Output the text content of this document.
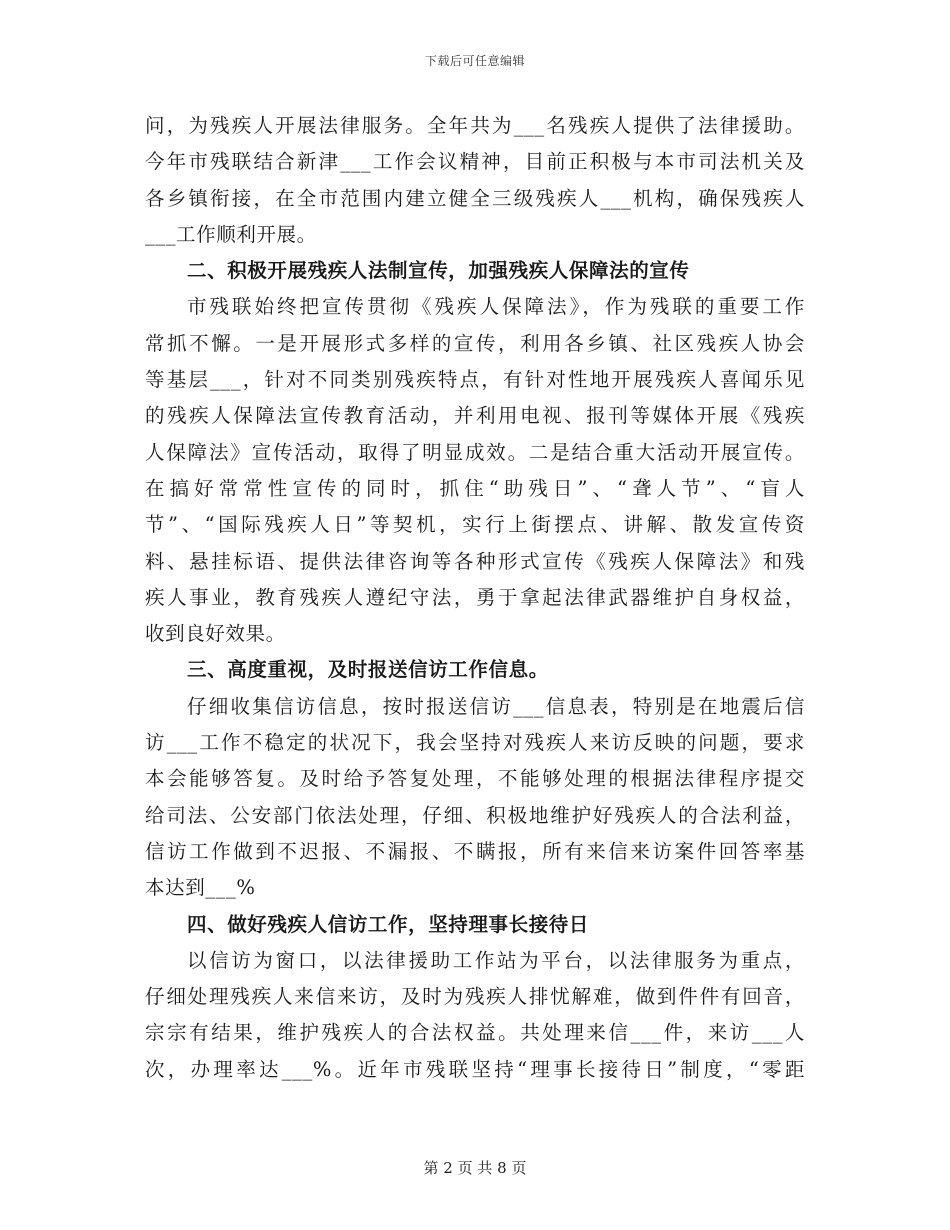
下载后可任意编辑
问，为残疾人开展法律服务。全年共为___名残疾人提供了法律援助。
今年市残联结合新津___工作会议精神，目前正积极与本市司法机关及
各乡镇衔接，在全市范围内建立健全三级残疾人___机构，确保残疾人
___工作顺利开展。
二、积极开展残疾人法制宣传，加强残疾人保障法的宣传
市残联始终把宣传贯彻《残疾人保障法》，作为残联的重要工作
常抓不懈。一是开展形式多样的宣传，利用各乡镇、社区残疾人协会
等基层___，针对不同类别残疾特点，有针对性地开展残疾人喜闻乐见
的残疾人保障法宣传教育活动，并利用电视、报刊等媒体开展《残疾
人保障法》宣传活动，取得了明显成效。二是结合重大活动开展宣传。
在搞好常常性宣传的同时，抓住“助残日”、“聋人节”、“盲人
节”、“国际残疾人日”等契机，实行上街摆点、讲解、散发宣传资
料、悬挂标语、提供法律咨询等各种形式宣传《残疾人保障法》和残
疾人事业，教育残疾人遵纪守法，勇于拿起法律武器维护自身权益，
收到良好效果。
三、高度重视，及时报送信访工作信息。
仔细收集信访信息，按时报送信访___信息表，特别是在地震后信
访___工作不稳定的状况下，我会坚持对残疾人来访反映的问题，要求
本会能够答复。及时给予答复处理，不能够处理的根据法律程序提交
给司法、公安部门依法处理，仔细、积极地维护好残疾人的合法利益，
信访工作做到不迟报、不漏报、不瞒报，所有来信来访案件回答率基
本达到___%
四、做好残疾人信访工作，坚持理事长接待日
以信访为窗口，以法律援助工作站为平台，以法律服务为重点，
仔细处理残疾人来信来访，及时为残疾人排忧解难，做到件件有回音，
宗宗有结果，维护残疾人的合法权益。共处理来信___件，来访___人
次，办理率达___%。近年市残联坚持“理事长接待日”制度，“零距
第 2 页 共 8 页
